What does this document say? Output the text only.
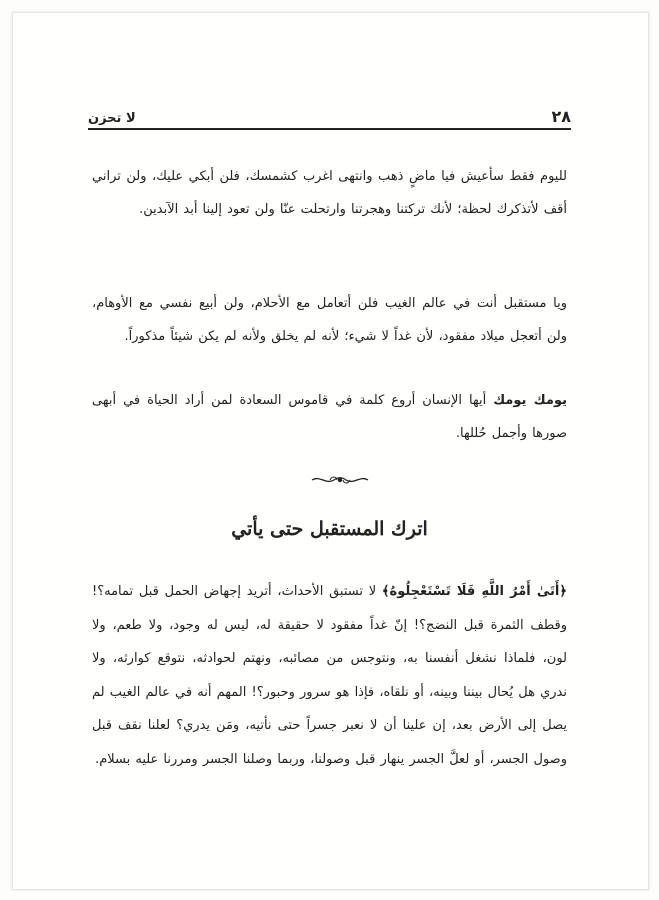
٢٨
لا تحزن

لليوم فقط سأعيش فيا ماضٍ ذهب وانتهى اغرب كشمسك، فلن أبكي عليك، ولن تراني أقف لأتذكرك لحظة؛ لأنك تركتنا وهجرتنا وارتحلت عنّا ولن تعود إلينا أبد الآبدين.

ويا مستقبل أنت في عالم الغيب فلن أتعامل مع الأحلام، ولن أبيع نفسي مع الأوهام، ولن أتعجل ميلاد مفقود، لأن غداً لا شيء؛ لأنه لم يخلق ولأنه لم يكن شيئاً مذكوراً.

يومك يومك أيها الإنسان أروع كلمة في قاموس السعادة لمن أراد الحياة في أبهى صورها وأجمل حُللها.

اترك المستقبل حتى يأتي

﴿أَتَىٰ أَمْرُ اللَّهِ فَلَا تَسْتَعْجِلُوهُ﴾ لا تستبق الأحداث، أتريد إجهاض الحمل قبل تمامه؟! وقطف الثمرة قبل النضج؟! إنّ غداً مفقود لا حقيقة له، ليس له وجود، ولا طعم، ولا لون، فلماذا نشغل أنفسنا به، ونتوجس من مصائبه، ونهتم لحوادثه، نتوقع كوارثه، ولا ندري هل يُحال بيننا وبينه، أو نلقاه، فإذا هو سرور وحبور؟! المهم أنه في عالم الغيب لم يصل إلى الأرض بعد، إن علينا أن لا نعبر جسراً حتى نأتيه، ومَن يدري؟ لعلنا نقف قبل وصول الجسر، أو لعلَّ الجسر ينهار قبل وصولنا، وربما وصلنا الجسر ومررنا عليه بسلام.
